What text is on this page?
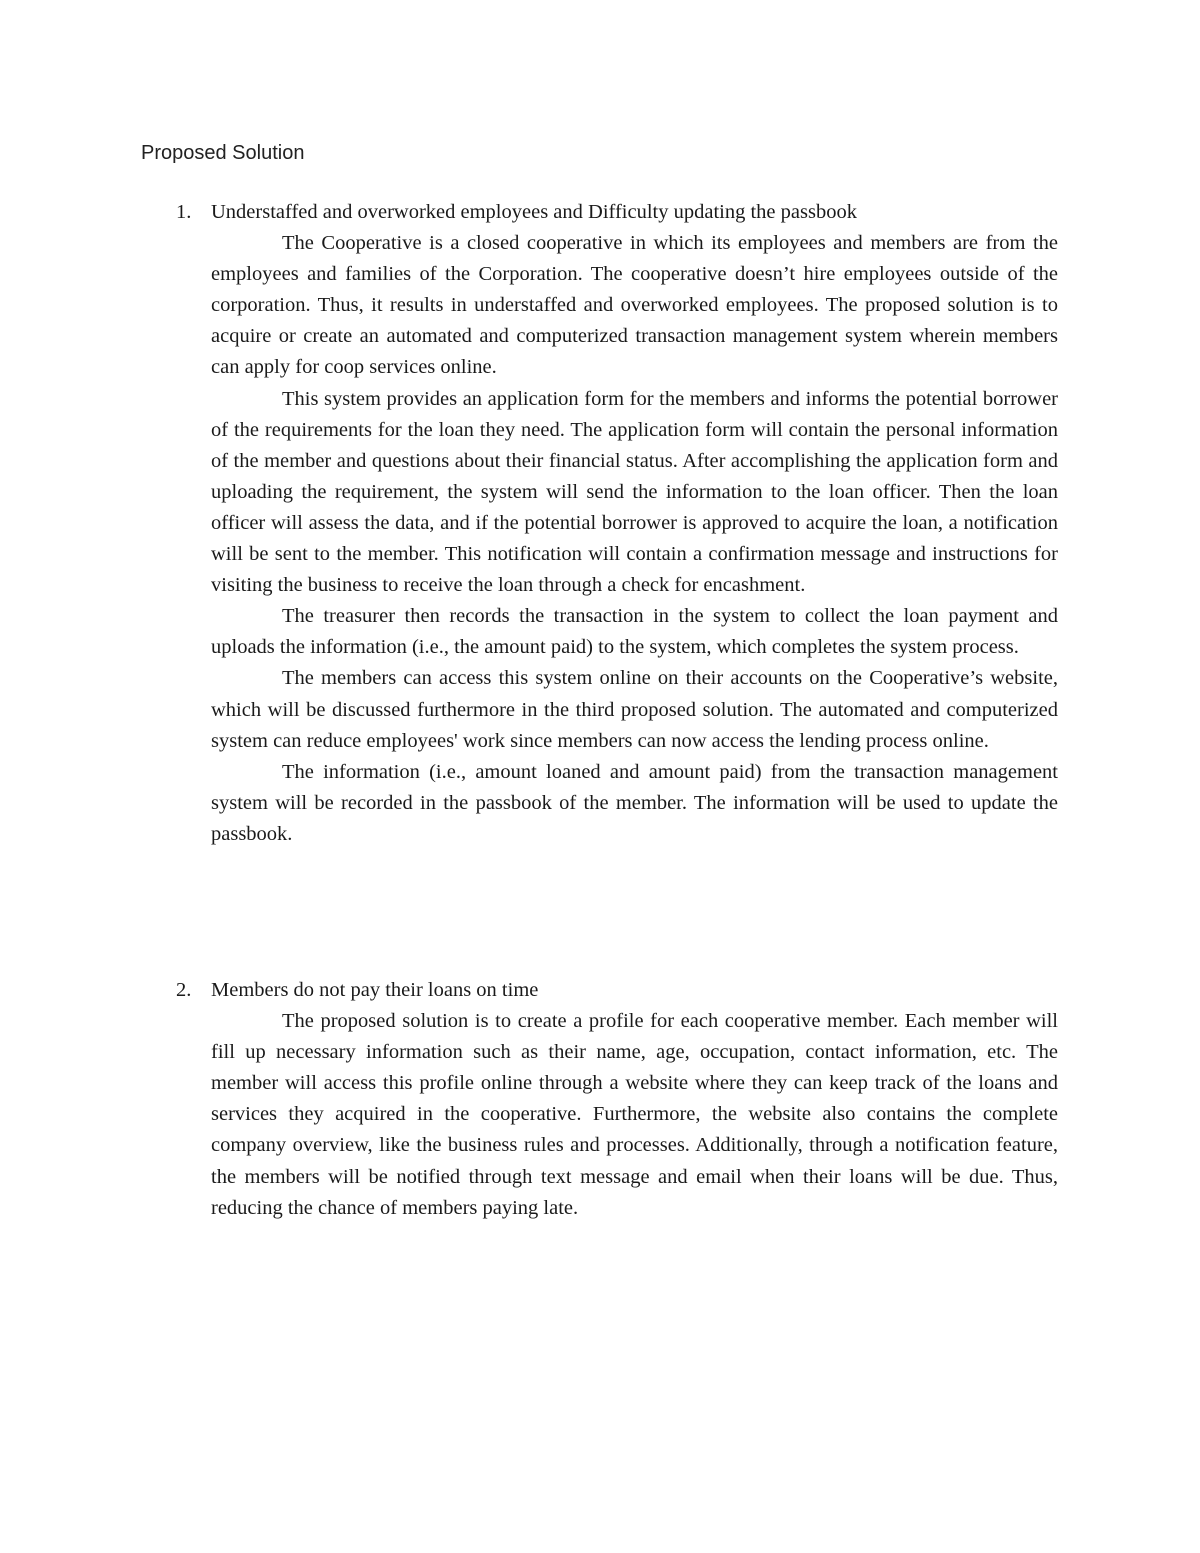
Proposed Solution

1. Understaffed and overworked employees and Difficulty updating the passbook

The Cooperative is a closed cooperative in which its employees and members are from the employees and families of the Corporation. The cooperative doesn’t hire employees outside of the corporation. Thus, it results in understaffed and overworked employees. The proposed solution is to acquire or create an automated and computerized transaction management system wherein members can apply for coop services online.

This system provides an application form for the members and informs the potential borrower of the requirements for the loan they need. The application form will contain the personal information of the member and questions about their financial status. After accomplishing the application form and uploading the requirement, the system will send the information to the loan officer. Then the loan officer will assess the data, and if the potential borrower is approved to acquire the loan, a notification will be sent to the member. This notification will contain a confirmation message and instructions for visiting the business to receive the loan through a check for encashment.

The treasurer then records the transaction in the system to collect the loan payment and uploads the information (i.e., the amount paid) to the system, which completes the system process.

The members can access this system online on their accounts on the Cooperative’s website, which will be discussed furthermore in the third proposed solution. The automated and computerized system can reduce employees' work since members can now access the lending process online.

The information (i.e., amount loaned and amount paid) from the transaction management system will be recorded in the passbook of the member. The information will be used to update the passbook.

2. Members do not pay their loans on time

The proposed solution is to create a profile for each cooperative member. Each member will fill up necessary information such as their name, age, occupation, contact information, etc. The member will access this profile online through a website where they can keep track of the loans and services they acquired in the cooperative. Furthermore, the website also contains the complete company overview, like the business rules and processes. Additionally, through a notification feature, the members will be notified through text message and email when their loans will be due. Thus, reducing the chance of members paying late.
